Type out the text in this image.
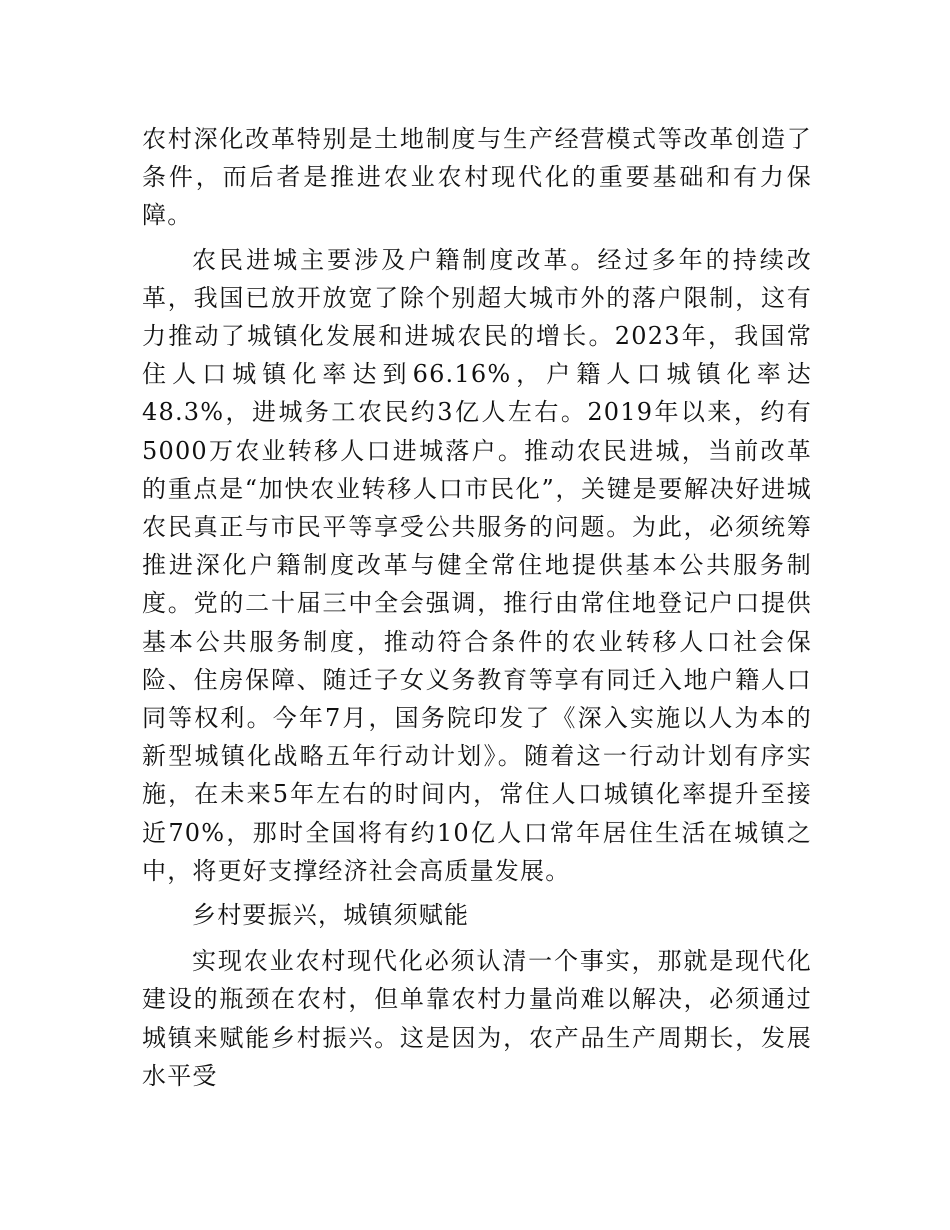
农村深化改革特别是土地制度与生产经营模式等改革创造了条件，而后者是推进农业农村现代化的重要基础和有力保障。

农民进城主要涉及户籍制度改革。经过多年的持续改革，我国已放开放宽了除个别超大城市外的落户限制，这有力推动了城镇化发展和进城农民的增长。2023年，我国常住人口城镇化率达到66.16%，户籍人口城镇化率达48.3%，进城务工农民约3亿人左右。2019年以来，约有5000万农业转移人口进城落户。推动农民进城，当前改革的重点是“加快农业转移人口市民化”，关键是要解决好进城农民真正与市民平等享受公共服务的问题。为此，必须统筹推进深化户籍制度改革与健全常住地提供基本公共服务制度。党的二十届三中全会强调，推行由常住地登记户口提供基本公共服务制度，推动符合条件的农业转移人口社会保险、住房保障、随迁子女义务教育等享有同迁入地户籍人口同等权利。今年7月，国务院印发了《深入实施以人为本的新型城镇化战略五年行动计划》。随着这一行动计划有序实施，在未来5年左右的时间内，常住人口城镇化率提升至接近70%，那时全国将有约10亿人口常年居住生活在城镇之中，将更好支撑经济社会高质量发展。

乡村要振兴，城镇须赋能

实现农业农村现代化必须认清一个事实，那就是现代化建设的瓶颈在农村，但单靠农村力量尚难以解决，必须通过城镇来赋能乡村振兴。这是因为，农产品生产周期长，发展水平受
